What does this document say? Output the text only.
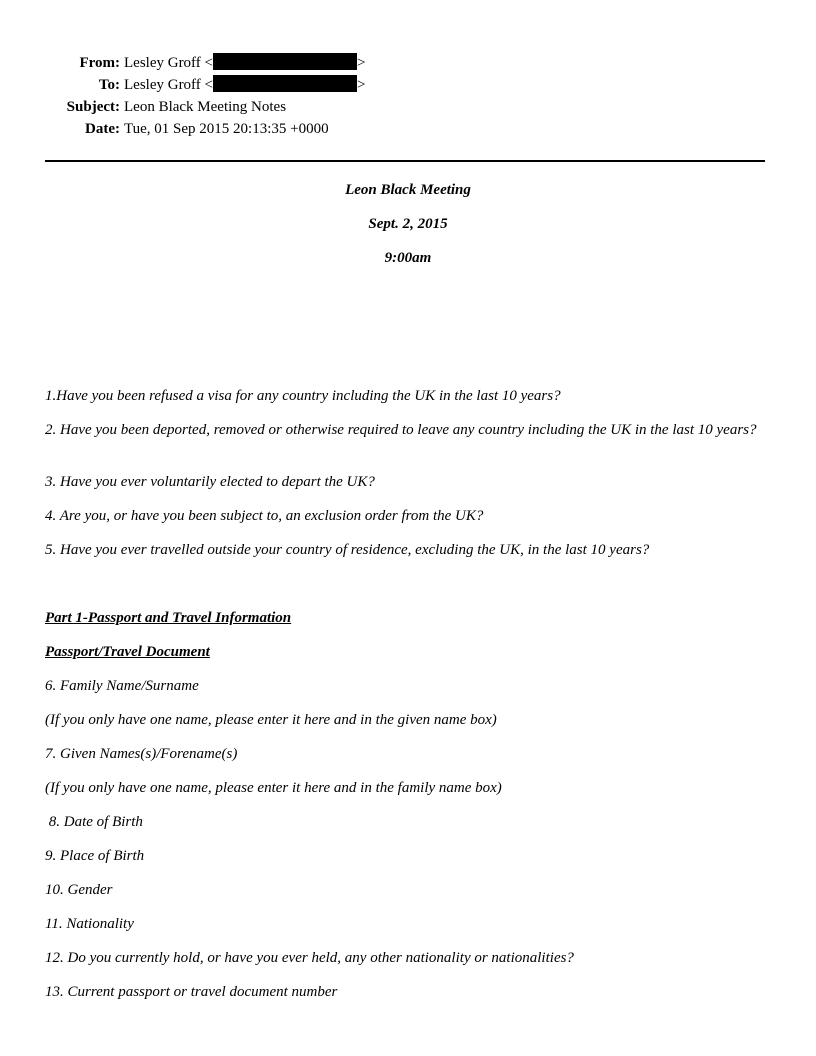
From: Lesley Groff <	>
To: Lesley Groff <	>
Subject: Leon Black Meeting Notes
Date: Tue, 01 Sep 2015 20:13:35 +0000
Leon Black Meeting
Sept. 2, 2015
9:00am
1.Have you been refused a visa for any country including the UK in the last 10 years?
2. Have you been deported, removed or otherwise required to leave any country including the UK in the last 10 years?
3. Have you ever voluntarily elected to depart the UK?
4. Are you, or have you been subject to, an exclusion order from the UK?
5. Have you ever travelled outside your country of residence, excluding the UK, in the last 10 years?
Part 1-Passport and Travel Information
Passport/Travel Document
6. Family Name/Surname
(If you only have one name, please enter it here and in the given name box)
7. Given Names(s)/Forename(s)
(If you only have one name, please enter it here and in the family name box)
8. Date of Birth
9. Place of Birth
10. Gender
11. Nationality
12. Do you currently hold, or have you ever held, any other nationality or nationalities?
13. Current passport or travel document number
